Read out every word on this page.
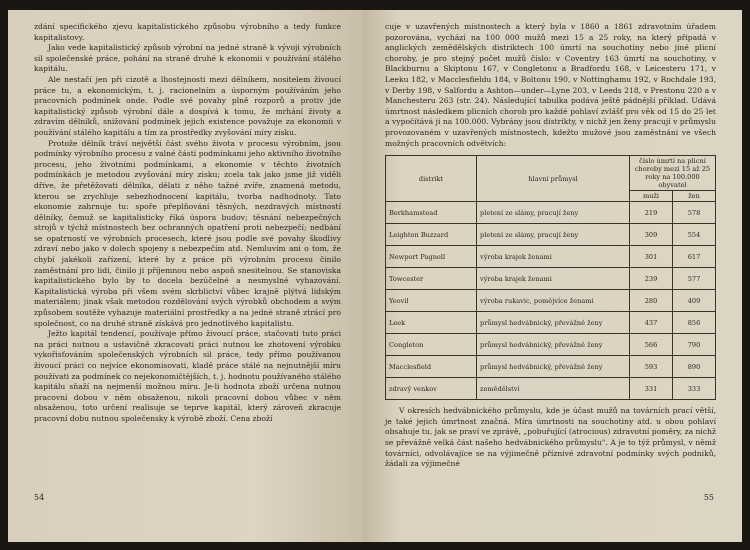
zdání specifického zjevu kapitalistického způsobu výrobního a tedy funkce kapitalistovy.

Jako vede kapitalistický způsob výrobní na jedné straně k vývoji výrobních sil společenské práce, pohání na straně druhé k ekonomii v používání stálého kapitálu.

Ale nestačí jen při cizotě a lhostejnosti mezi dělníkem, nositelem živoucí práce tu, a ekonomickým, t. j. racionelním a úsporným používáním jeho pracovních podmínek onde. Podle své povahy plně rozporů a protiv jde kapitalistický způsob výrobní dále a dospívá k tomu, že mrhání životy a zdravím dělníků, snižování podmínek jejich existence považuje za ekonomii v používání stálého kapitálu a tím za prostředky zvyšování míry zisku.

Protože dělník tráví největší část svého života v procesu výrobním, jsou podmínky výrobního procesu z valné části podmínkami jeho aktivního životního procesu, jeho životními podmínkami, a ekonomie v těchto životních podmínkách je metodou zvyšování míry zisku; zcela tak jako jsme již viděli dříve, že přetěžovati dělníka, dělati z něho tažné zvíře, znamená metodu, kterou se zrychluje sebezhodnocení kapitálu, tvorba nadhodnoty. Tato ekonomie zahrnuje tu: spoře přeplňování těsných, nezdravých místností dělníky, čemuž se kapitalisticky říká úspora budov; těsnání nebezpečných strojů v týchž místnostech bez ochranných opatření proti nebezpečí; nedbání se opatrností ve výrobních procesech, které jsou podle své povahy škodlivy zdraví nebo jako v dolech spojeny s nebezpečím atd. Nemluvím ani o tom, že chybí jakékoli zařízení, které by z práce při výrobním procesu činilo zaměstnání pro lidi, činilo ji příjemnou nebo aspoň snesitelnou. Se stanoviska kapitalistického bylo by to docela bezúčelné a nesmyslné vyhazování. Kapitalistická výroba při všem svém skrblictví vůbec krajně plýtvá lidským materiálem; jinak však metodou rozdělování svých výrobků obchodem a svým způsobem soutěže vyhazuje materiální prostředky a na jedné straně ztrácí pro společnost, co na druhé straně získává pro jednotlivého kapitalistu.

Ježto kapitál tendencí, používaje přímo živoucí práce, stačovati tuto práci na práci nutnou a ustavičně zkracovati práci nutnou ke zhotovení výrobku vykořisťováním společenských výrobních sil práce, tedy přímo používanou živoucí práci co nejvíce ekonomisovati, kladě práce stálé na nejnutnější míru používati za podmínek co nejekonomičtějších, t. j. hodnotu používaného stálého kapitálu sňaží na nejmenší možnou míru. Je-li hodnota zboží určena nutnou pracovní dobou v něm obsaženou, nikoli pracovní dobou vůbec v něm obsaženou, toto určení realisuje se teprve kapitál, který zároveň zkracuje pracovní dobu nutnou společensky k výrobě zboží. Cena zboží

54

cuje v uzavřených místnostech a který byla v 1860 a 1861 zdravotním úřadem pozorována, vychází na 100 000 mužů mezi 15 a 25 roky, na který připadá v anglických zemědělských distriktech 100 úmrtí na souchotiny nebo jiné plicní choroby, je pro stejný počet mužů číslo: v Coventry 163 úmrtí na souchotiny, v Blackburnu a Skiptonu 167, v Congletonu a Bradfordu 168, v Leicesteru 171, v Leeku 182, v Macclesfieldu 184, v Boltonu 190, v Nottinghamu 192, v Rochdale 193, v Derby 198, v Salfordu a Ashton—under—Lyne 203, v Leeds 218, v Prestonu 220 a v Manchesteru 263 (str. 24). Následující tabulka podává ještě pádnější příklad. Udává úmrtnost následkem plicních chorob pro každé pohlaví zvlášť pro věk od 15 do 25 let a vypočítává ji na 100.000. Vybrány jsou distrikty, v nichž jen ženy pracují v průmyslu provozovaném v uzavřených místnostech, kdežto mužové jsou zaměstnáni ve všech možných pracovních odvětvích:

distrikt	hlavní průmysl	číslo úmrtí na plicní choroby mezi 15 až 25 roky na 100.000 obyvatel	
		muži	žen
Berkhamstead	pletení ze slámy, pracují ženy	219	578
Leighton Buzzard	pletení ze slámy, pracují ženy	309	554
Newport Pagnell	výroba krajek ženami	301	617
Towcester	výroba krajek ženami	239	577
Yeovil	výroba rukavic, pomějvíce ženami	280	409
Leek	průmysl hedvábnický, převážně ženy	437	856
Congleton	průmysl hedvábnický, převážně ženy	566	790
Macclesfield	průmysl hedvábnický, převážně ženy	593	890
zdravý venkov	zemědělství	331	333

V okresích hedvábnického průmyslu, kde je účast mužů na továrních prací větší, je také jejich úmrtnost značná. Míra úmrtnosti na souchotiny atd. u obou pohlaví obsahuje tu, jak se praví ve zprávě, „pobuřující (atrocious) zdravotní poměry, za nichž se převážně velká část našeho hedvábnického průmyslu". A je to týž průmysl, v němž továrníci, odvolávajíce se na výjimečně příznivé zdravotní podmínky svých podniků, žádali za výjimečné

55
